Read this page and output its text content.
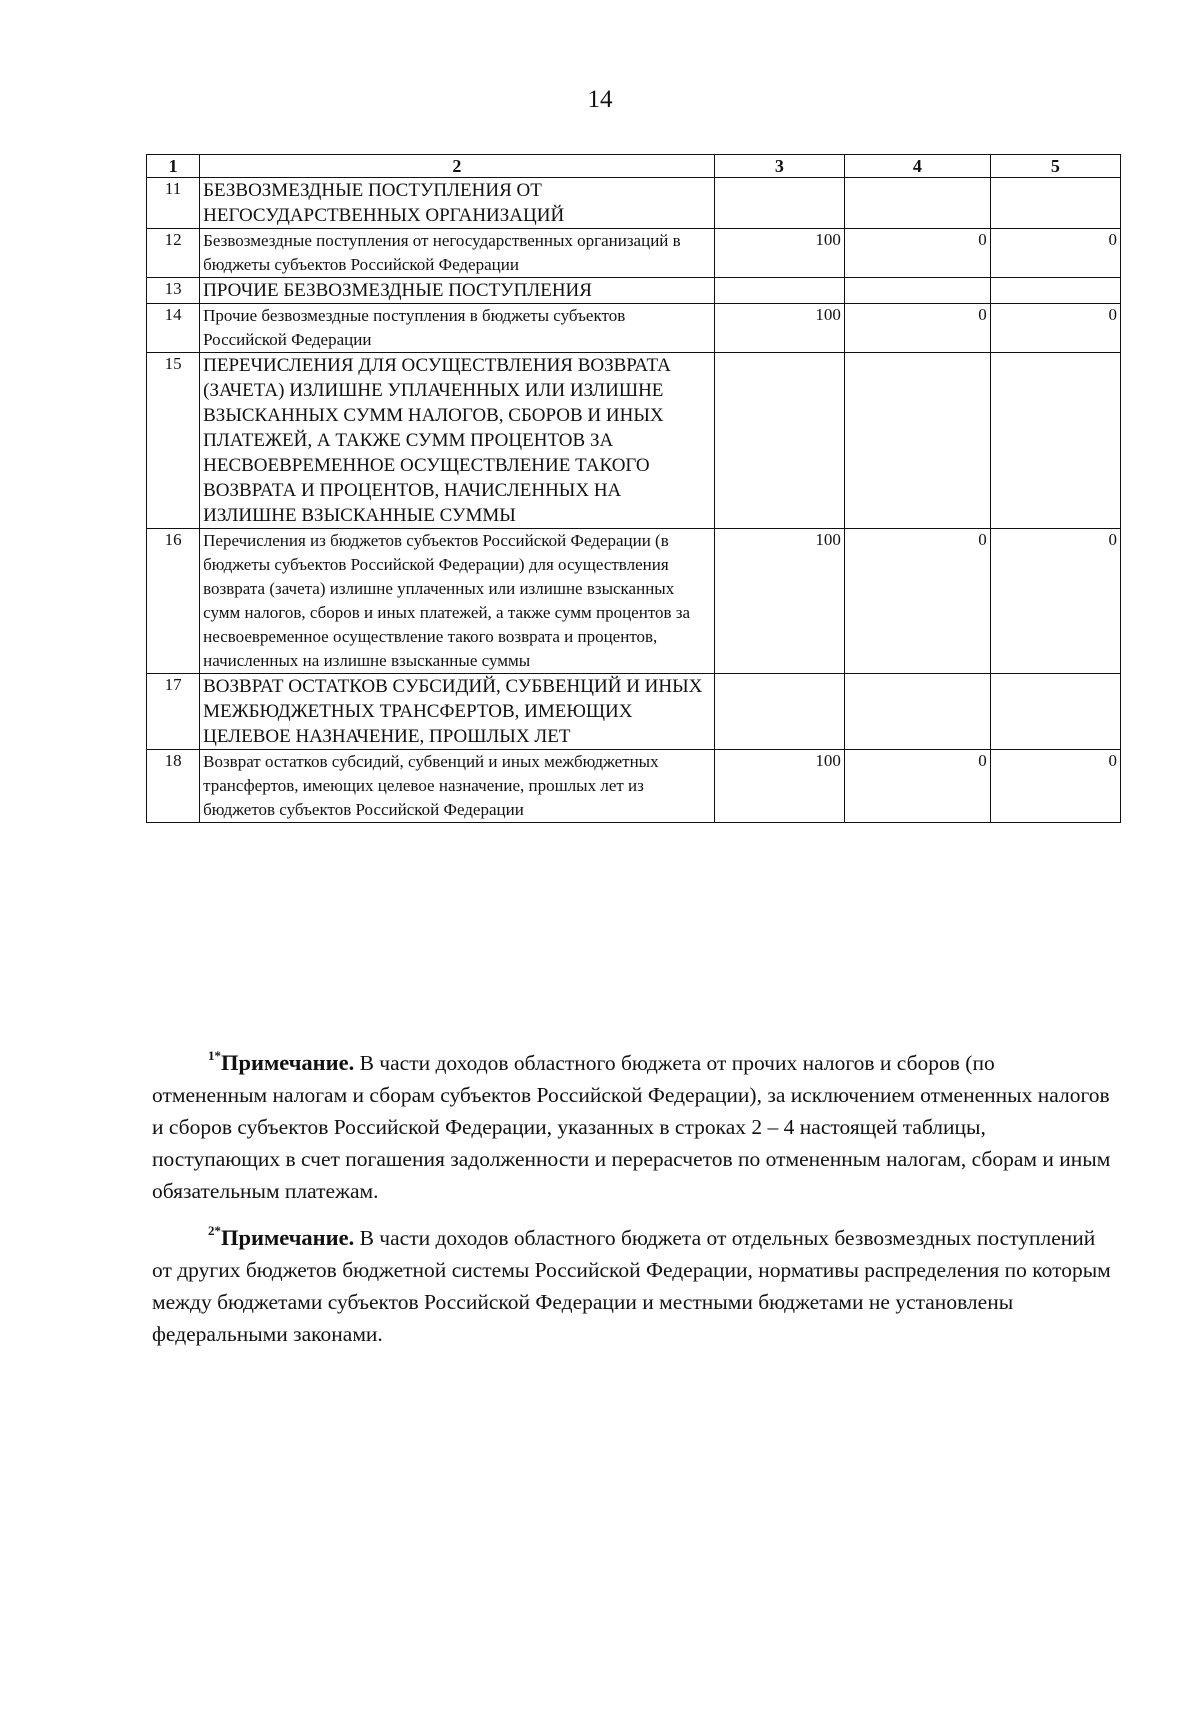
14
1	2	3	4	5
11	БЕЗВОЗМЕЗДНЫЕ ПОСТУПЛЕНИЯ ОТ НЕГОСУДАРСТВЕННЫХ ОРГАНИЗАЦИЙ			
12	Безвозмездные поступления от негосударственных организаций в бюджеты субъектов Российской Федерации	100	0	0
13	ПРОЧИЕ БЕЗВОЗМЕЗДНЫЕ ПОСТУПЛЕНИЯ			
14	Прочие безвозмездные поступления в бюджеты субъектов Российской Федерации	100	0	0
15	ПЕРЕЧИСЛЕНИЯ ДЛЯ ОСУЩЕСТВЛЕНИЯ ВОЗВРАТА (ЗАЧЕТА) ИЗЛИШНЕ УПЛАЧЕННЫХ ИЛИ ИЗЛИШНЕ ВЗЫСКАННЫХ СУММ НАЛОГОВ, СБОРОВ И ИНЫХ ПЛАТЕЖЕЙ, А ТАКЖЕ СУММ ПРОЦЕНТОВ ЗА НЕСВОЕВРЕМЕННОЕ ОСУЩЕСТВЛЕНИЕ ТАКОГО ВОЗВРАТА И ПРОЦЕНТОВ, НАЧИСЛЕННЫХ НА ИЗЛИШНЕ ВЗЫСКАННЫЕ СУММЫ			
16	Перечисления из бюджетов субъектов Российской Федерации (в бюджеты субъектов Российской Федерации) для осуществления возврата (зачета) излишне уплаченных или излишне взысканных сумм налогов, сборов и иных платежей, а также сумм процентов за несвоевременное осуществление такого возврата и процентов, начисленных на излишне взысканные суммы	100	0	0
17	ВОЗВРАТ ОСТАТКОВ СУБСИДИЙ, СУБВЕНЦИЙ И ИНЫХ МЕЖБЮДЖЕТНЫХ ТРАНСФЕРТОВ, ИМЕЮЩИХ ЦЕЛЕВОЕ НАЗНАЧЕНИЕ, ПРОШЛЫХ ЛЕТ			
18	Возврат остатков субсидий, субвенций и иных межбюджетных трансфертов, имеющих целевое назначение, прошлых лет из бюджетов субъектов Российской Федерации	100	0	0

$^{1*}$Примечание. В части доходов областного бюджета от прочих налогов и сборов (по отмененным налогам и сборам субъектов Российской Федерации), за исключением отмененных налогов и сборов субъектов Российской Федерации, указанных в строках 2 – 4 настоящей таблицы, поступающих в счет погашения задолженности и перерасчетов по отмененным налогам, сборам и иным обязательным платежам.

$^{2*}$Примечание. В части доходов областного бюджета от отдельных безвозмездных поступлений от других бюджетов бюджетной системы Российской Федерации, нормативы распределения по которым между бюджетами субъектов Российской Федерации и местными бюджетами не установлены федеральными законами.
